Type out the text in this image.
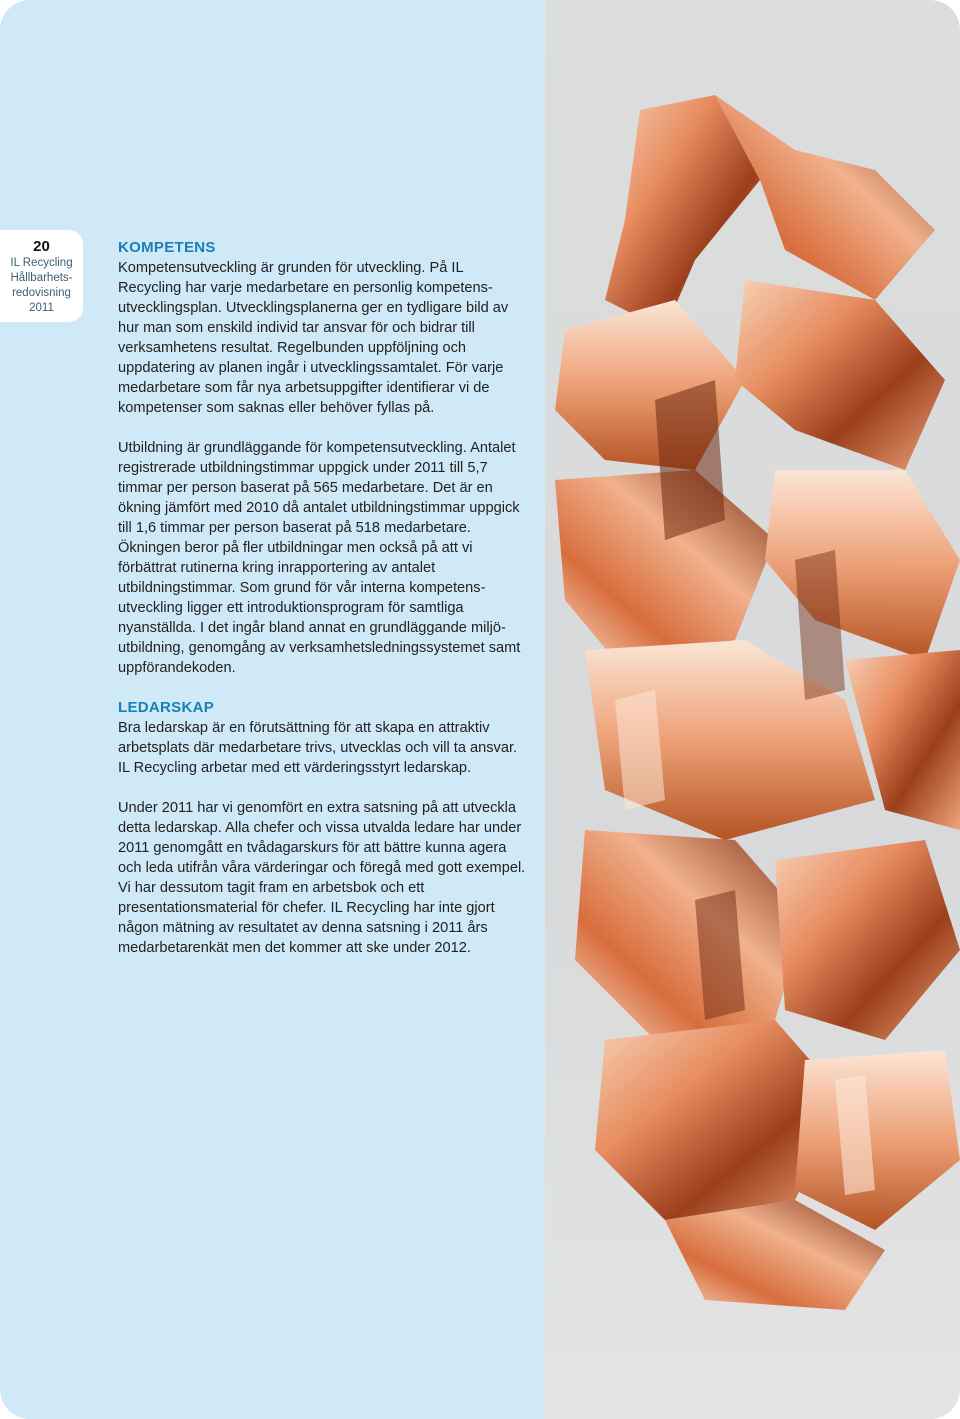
20
IL Recycling
Hållbarhets-
redovisning
2011
KOMPETENS

Kompetensutveckling är grunden för utveckling. På IL Recycling har varje medarbetare en personlig kompetensutvecklingsplan. Utvecklingsplanerna ger en tydligare bild av hur man som enskild individ tar ansvar för och bidrar till verksamhetens resultat. Regelbunden uppföljning och uppdatering av planen ingår i utvecklingssamtalet. För varje medarbetare som får nya arbetsuppgifter identifierar vi de kompetenser som saknas eller behöver fyllas på.

Utbildning är grundläggande för kompetensutveckling. Antalet registrerade utbildningstimmar uppgick under 2011 till 5,7 timmar per person baserat på 565 medarbetare. Det är en ökning jämfört med 2010 då antalet utbildningstimmar uppgick till 1,6 timmar per person baserat på 518 medarbetare. Ökningen beror på fler utbildningar men också på att vi förbättrat rutinerna kring inrapportering av antalet utbildningstimmar. Som grund för vår interna kompetensutveckling ligger ett introduktionsprogram för samtliga nyanställda. I det ingår bland annat en grundläggande miljöutbildning, genomgång av verksamhetsledningssystemet samt uppförandekoden.

LEDARSKAP

Bra ledarskap är en förutsättning för att skapa en attraktiv arbetsplats där medarbetare trivs, utvecklas och vill ta ansvar. IL Recycling arbetar med ett värderingsstyrt ledarskap.

Under 2011 har vi genomfört en extra satsning på att utveckla detta ledarskap. Alla chefer och vissa utvalda ledare har under 2011 genomgått en tvådagarskurs för att bättre kunna agera och leda utifrån våra värderingar och föregå med gott exempel. Vi har dessutom tagit fram en arbetsbok och ett presentationsmaterial för chefer. IL Recycling har inte gjort någon mätning av resultatet av denna satsning i 2011 års medarbetarenkät men det kommer att ske under 2012.
